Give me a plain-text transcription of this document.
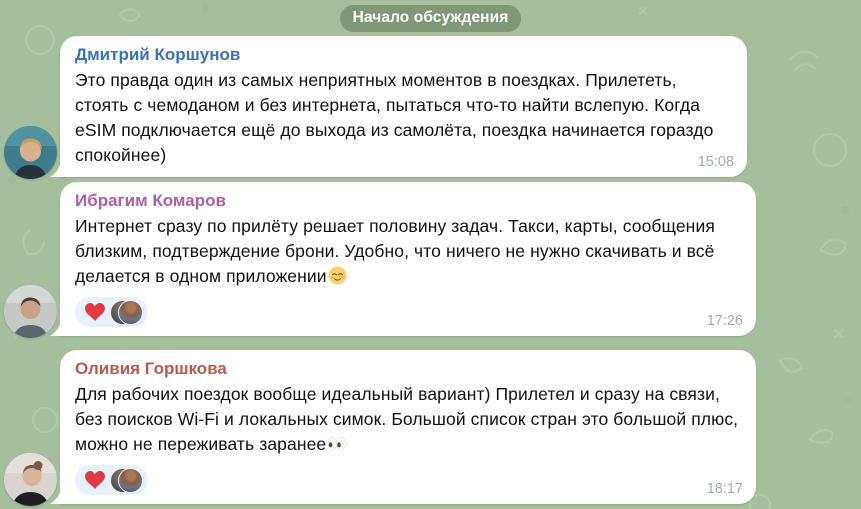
Начало обсуждения
Дмитрий Коршунов
Это правда один из самых неприятных моментов в поездках. Прилететь, стоять с чемоданом и без интернета, пытаться что-то найти вслепую. Когда eSIM подключается ещё до выхода из самолёта, поездка начинается гораздо спокойнее)	15:08
Ибрагим Комаров
Интернет сразу по прилёту решает половину задач. Такси, карты, сообщения близким, подтверждение брони. Удобно, что ничего не нужно скачивать и всё делается в одном приложении
17:26
Оливия Горшкова
Для рабочих поездок вообще идеальный вариант) Прилетел и сразу на связи, без поисков Wi-Fi и локальных симок. Большой список стран это большой плюс, можно не переживать заранее
18:17
